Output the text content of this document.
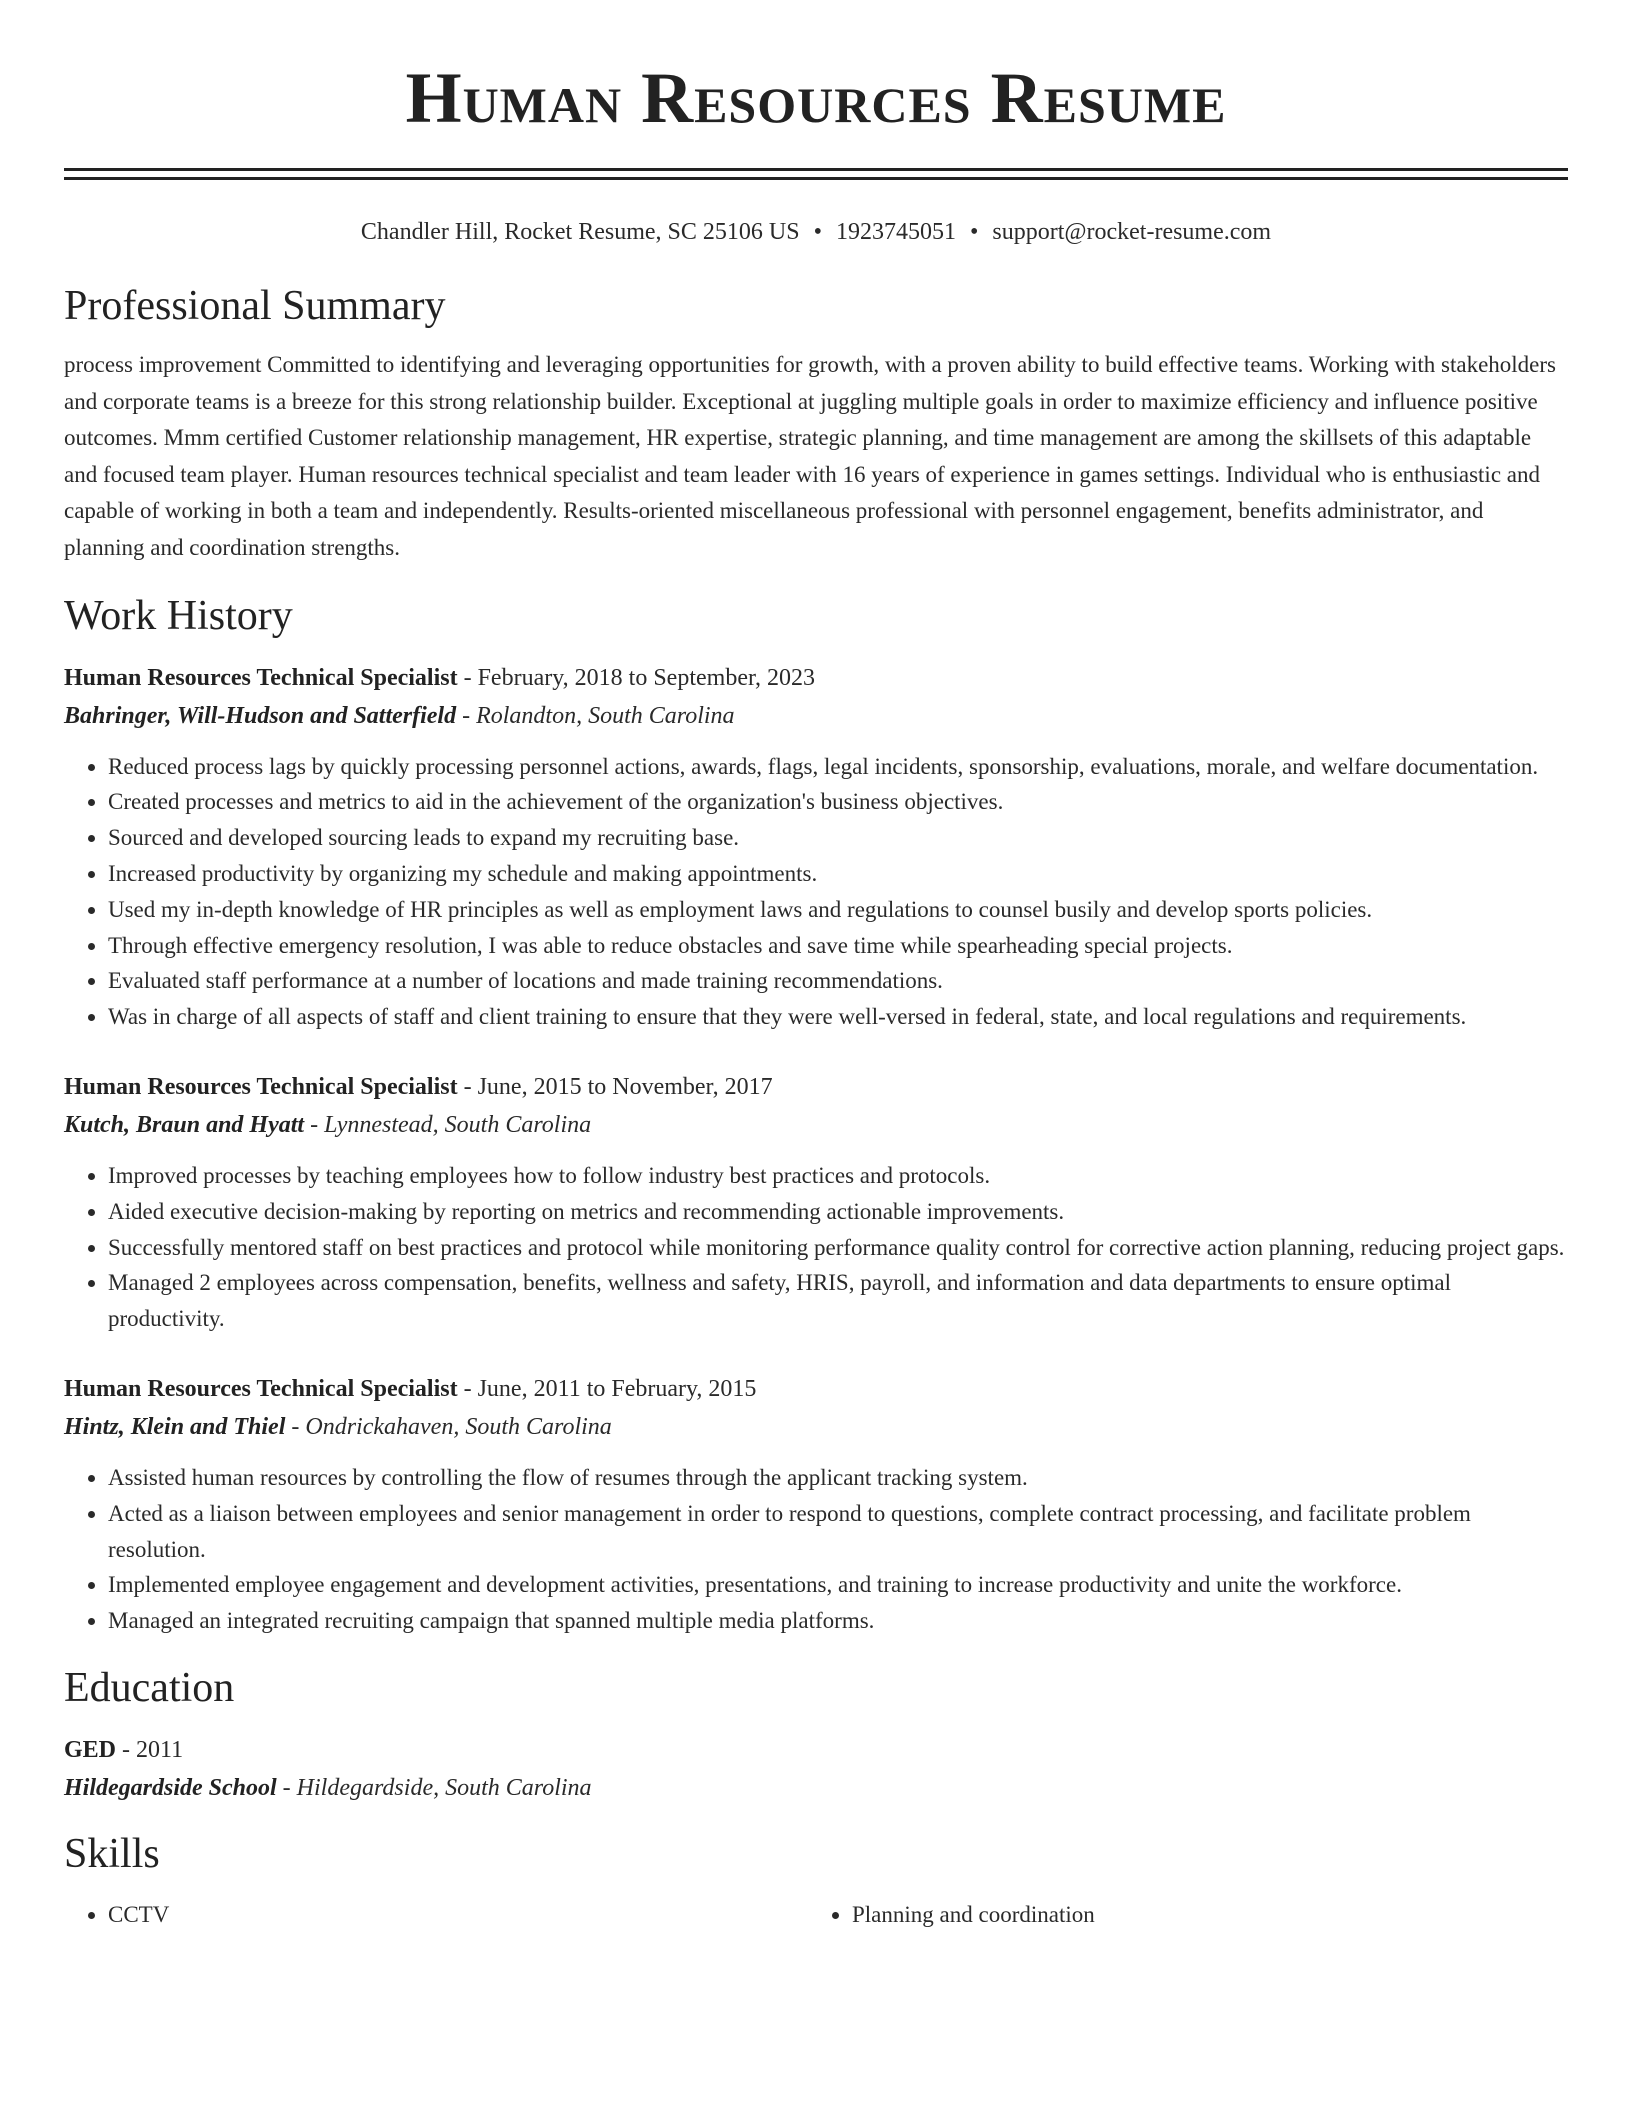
Human Resources Resume
Chandler Hill, Rocket Resume, SC 25106 US • 1923745051 • support@rocket-resume.com
Professional Summary

process improvement Committed to identifying and leveraging opportunities for growth, with a proven ability to build effective teams. Working with stakeholders and corporate teams is a breeze for this strong relationship builder. Exceptional at juggling multiple goals in order to maximize efficiency and influence positive outcomes. Mmm certified Customer relationship management, HR expertise, strategic planning, and time management are among the skillsets of this adaptable and focused team player. Human resources technical specialist and team leader with 16 years of experience in games settings. Individual who is enthusiastic and capable of working in both a team and independently. Results-oriented miscellaneous professional with personnel engagement, benefits administrator, and planning and coordination strengths.

Work History
Human Resources Technical Specialist - February, 2018 to September, 2023
Bahringer, Will-Hudson and Satterfield - Rolandton, South Carolina
• Reduced process lags by quickly processing personnel actions, awards, flags, legal incidents, sponsorship, evaluations, morale, and welfare documentation.
• Created processes and metrics to aid in the achievement of the organization's business objectives.
• Sourced and developed sourcing leads to expand my recruiting base.
• Increased productivity by organizing my schedule and making appointments.
• Used my in-depth knowledge of HR principles as well as employment laws and regulations to counsel busily and develop sports policies.
• Through effective emergency resolution, I was able to reduce obstacles and save time while spearheading special projects.
• Evaluated staff performance at a number of locations and made training recommendations.
• Was in charge of all aspects of staff and client training to ensure that they were well-versed in federal, state, and local regulations and requirements.
Human Resources Technical Specialist - June, 2015 to November, 2017
Kutch, Braun and Hyatt - Lynnestead, South Carolina
• Improved processes by teaching employees how to follow industry best practices and protocols.
• Aided executive decision-making by reporting on metrics and recommending actionable improvements.
• Successfully mentored staff on best practices and protocol while monitoring performance quality control for corrective action planning, reducing project gaps.
• Managed 2 employees across compensation, benefits, wellness and safety, HRIS, payroll, and information and data departments to ensure optimal productivity.
Human Resources Technical Specialist - June, 2011 to February, 2015
Hintz, Klein and Thiel - Ondrickahaven, South Carolina
• Assisted human resources by controlling the flow of resumes through the applicant tracking system.
• Acted as a liaison between employees and senior management in order to respond to questions, complete contract processing, and facilitate problem resolution.
• Implemented employee engagement and development activities, presentations, and training to increase productivity and unite the workforce.
• Managed an integrated recruiting campaign that spanned multiple media platforms.
Education
GED - 2011
Hildegardside School - Hildegardside, South Carolina
Skills
• CCTV
•	Planning and coordination
